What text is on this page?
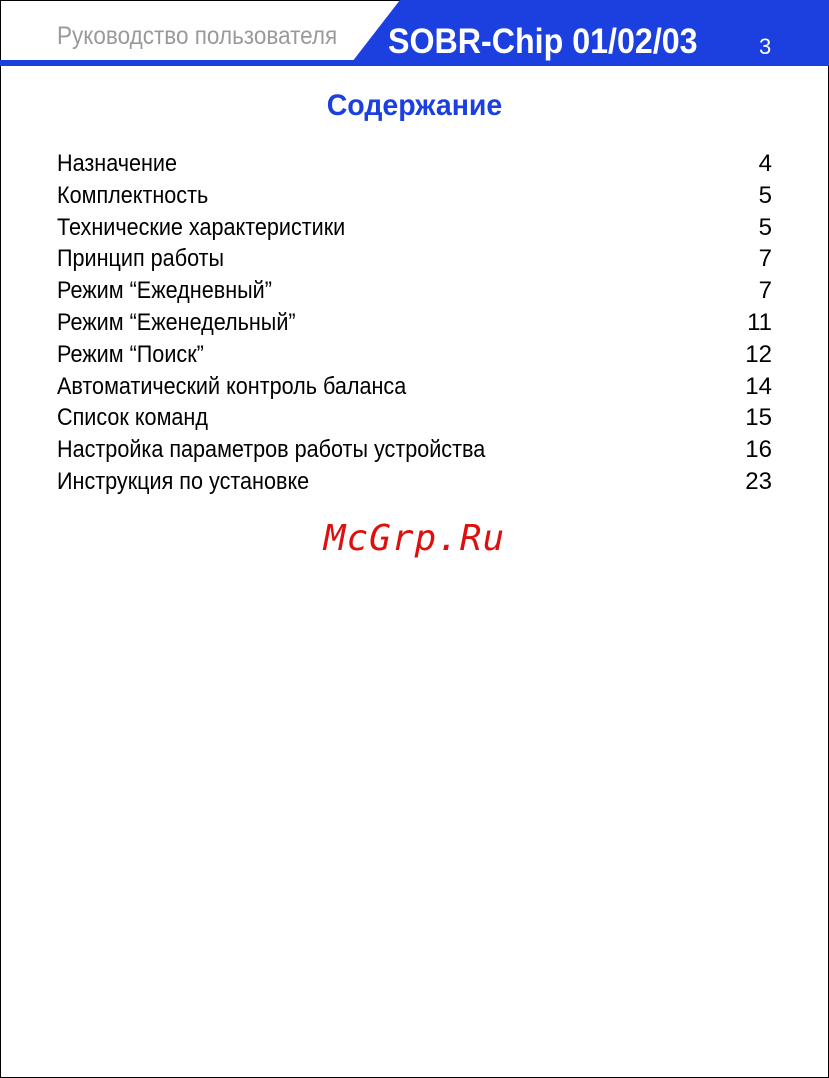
Руководство пользователя SOBR-Chip 01/02/03	3
Содержание
Назначение	4
Комплектность	5
Технические характеристики	5
Принцип работы	7
Режим “Ежедневный”	7
Режим “Еженедельный”	11
Режим “Поиск”	12
Автоматический контроль баланса	14
Список команд	15
Настройка параметров работы устройства	16
Инструкция по установке	23
McGrp.Ru
